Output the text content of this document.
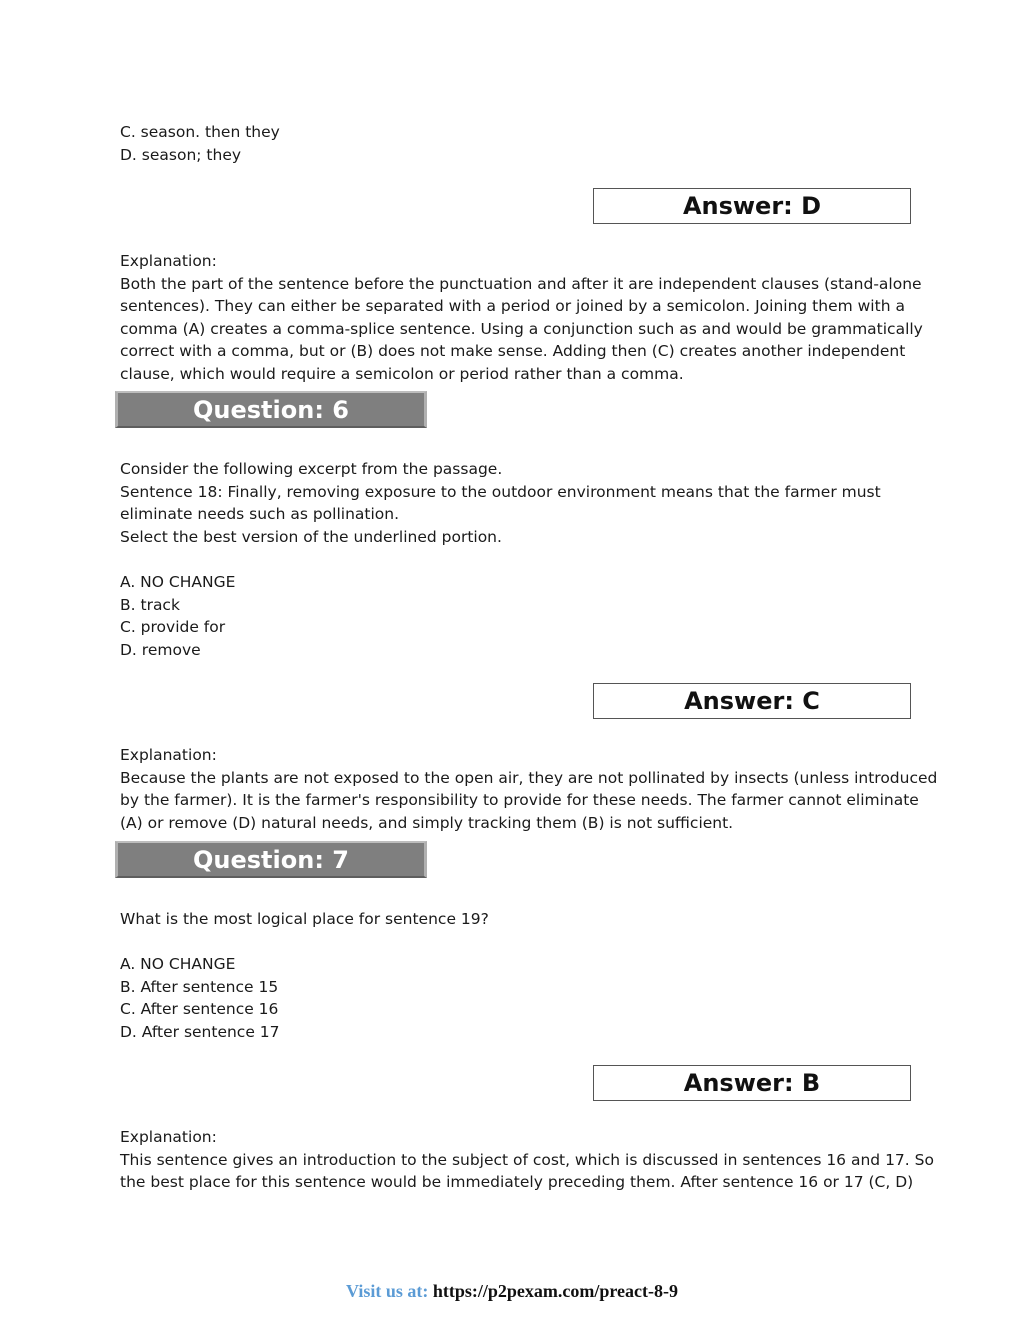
C. season. then they
D. season; they
Answer: D
Explanation:
Both the part of the sentence before the punctuation and after it are independent clauses (stand-alone
sentences). They can either be separated with a period or joined by a semicolon. Joining them with a
comma (A) creates a comma-splice sentence. Using a conjunction such as and would be grammatically
correct with a comma, but or (B) does not make sense. Adding then (C) creates another independent
clause, which would require a semicolon or period rather than a comma.
Question: 6
Consider the following excerpt from the passage.
Sentence 18: Finally, removing exposure to the outdoor environment means that the farmer must
eliminate needs such as pollination.
Select the best version of the underlined portion.
A. NO CHANGE
B. track
C. provide for
D. remove
Answer: C
Explanation:
Because the plants are not exposed to the open air, they are not pollinated by insects (unless introduced
by the farmer). It is the farmer's responsibility to provide for these needs. The farmer cannot eliminate
(A) or remove (D) natural needs, and simply tracking them (B) is not sufficient.
Question: 7
What is the most logical place for sentence 19?
A. NO CHANGE
B. After sentence 15
C. After sentence 16
D. After sentence 17
Answer: B
Explanation:
This sentence gives an introduction to the subject of cost, which is discussed in sentences 16 and 17. So
the best place for this sentence would be immediately preceding them. After sentence 16 or 17 (C, D)
Visit us at: https://p2pexam.com/preact-8-9
